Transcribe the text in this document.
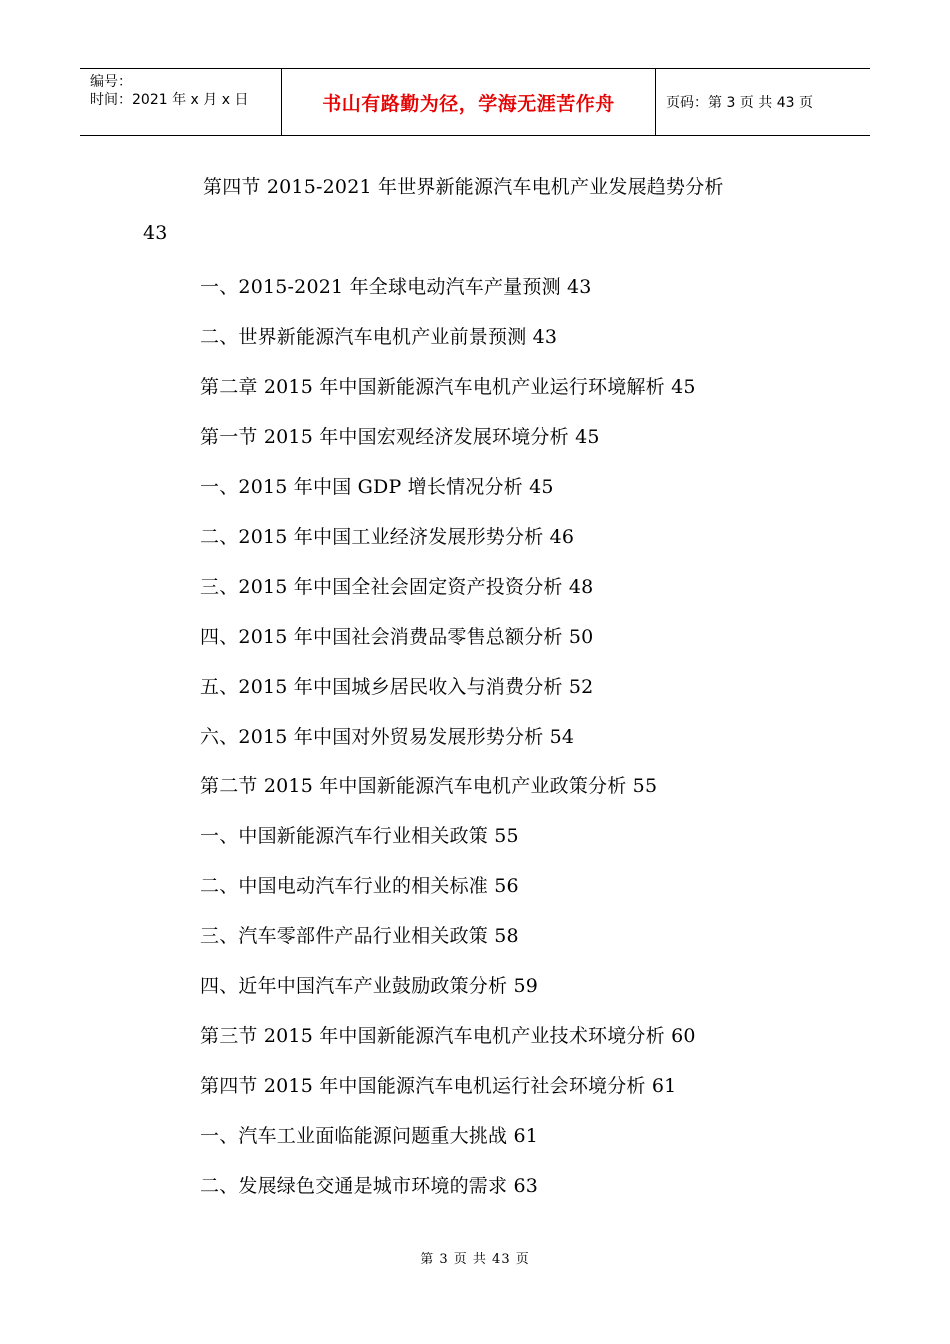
编号：
时间：2021 年 x 月 x 日	书山有路勤为径，学海无涯苦作舟	页码：第 3 页 共 43 页
第四节 2015-2021 年世界新能源汽车电机产业发展趋势分析
43
一、2015-2021 年全球电动汽车产量预测 43
二、世界新能源汽车电机产业前景预测 43
第二章 2015 年中国新能源汽车电机产业运行环境解析 45
第一节 2015 年中国宏观经济发展环境分析 45
一、2015 年中国 GDP 增长情况分析 45
二、2015 年中国工业经济发展形势分析 46
三、2015 年中国全社会固定资产投资分析 48
四、2015 年中国社会消费品零售总额分析 50
五、2015 年中国城乡居民收入与消费分析 52
六、2015 年中国对外贸易发展形势分析 54
第二节 2015 年中国新能源汽车电机产业政策分析 55
一、中国新能源汽车行业相关政策 55
二、中国电动汽车行业的相关标准 56
三、汽车零部件产品行业相关政策 58
四、近年中国汽车产业鼓励政策分析 59
第三节 2015 年中国新能源汽车电机产业技术环境分析 60
第四节 2015 年中国能源汽车电机运行社会环境分析 61
一、汽车工业面临能源问题重大挑战 61
二、发展绿色交通是城市环境的需求 63
第 3 页 共 43 页
